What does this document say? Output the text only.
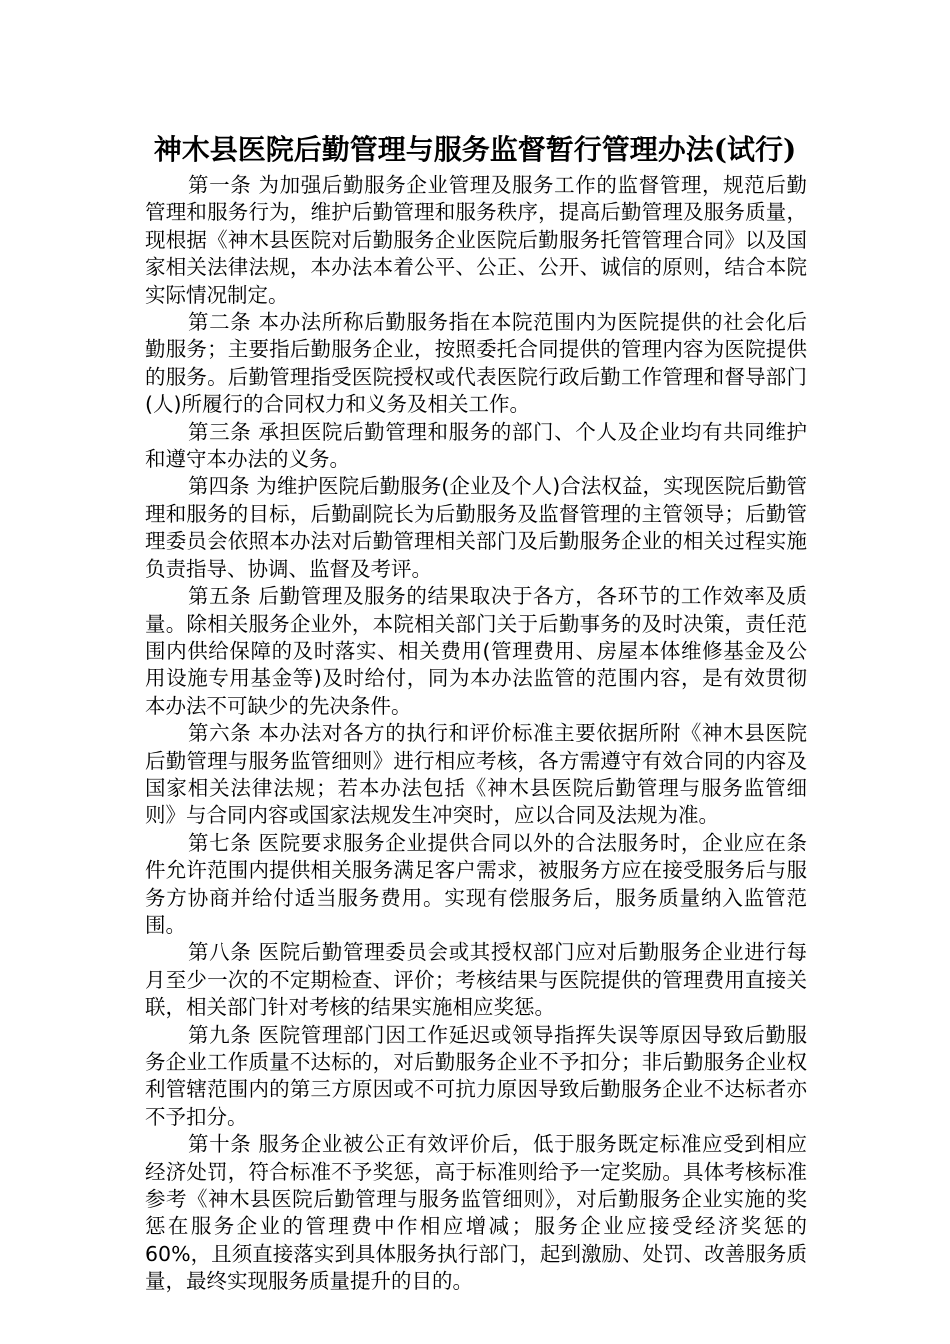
神木县医院后勤管理与服务监督暂行管理办法(试行)

第一条 为加强后勤服务企业管理及服务工作的监督管理，规范后勤管理和服务行为，维护后勤管理和服务秩序，提高后勤管理及服务质量，现根据《神木县医院对后勤服务企业医院后勤服务托管管理合同》以及国家相关法律法规，本办法本着公平、公正、公开、诚信的原则，结合本院实际情况制定。

第二条 本办法所称后勤服务指在本院范围内为医院提供的社会化后勤服务；主要指后勤服务企业，按照委托合同提供的管理内容为医院提供的服务。后勤管理指受医院授权或代表医院行政后勤工作管理和督导部门(人)所履行的合同权力和义务及相关工作。

第三条 承担医院后勤管理和服务的部门、个人及企业均有共同维护和遵守本办法的义务。

第四条 为维护医院后勤服务(企业及个人)合法权益，实现医院后勤管理和服务的目标，后勤副院长为后勤服务及监督管理的主管领导；后勤管理委员会依照本办法对后勤管理相关部门及后勤服务企业的相关过程实施负责指导、协调、监督及考评。

第五条 后勤管理及服务的结果取决于各方，各环节的工作效率及质量。除相关服务企业外，本院相关部门关于后勤事务的及时决策，责任范围内供给保障的及时落实、相关费用(管理费用、房屋本体维修基金及公用设施专用基金等)及时给付，同为本办法监管的范围内容，是有效贯彻本办法不可缺少的先决条件。

第六条 本办法对各方的执行和评价标准主要依据所附《神木县医院后勤管理与服务监管细则》进行相应考核，各方需遵守有效合同的内容及国家相关法律法规；若本办法包括《神木县医院后勤管理与服务监管细则》与合同内容或国家法规发生冲突时，应以合同及法规为准。

第七条 医院要求服务企业提供合同以外的合法服务时，企业应在条件允许范围内提供相关服务满足客户需求，被服务方应在接受服务后与服务方协商并给付适当服务费用。实现有偿服务后，服务质量纳入监管范围。

第八条 医院后勤管理委员会或其授权部门应对后勤服务企业进行每月至少一次的不定期检查、评价；考核结果与医院提供的管理费用直接关联，相关部门针对考核的结果实施相应奖惩。

第九条 医院管理部门因工作延迟或领导指挥失误等原因导致后勤服务企业工作质量不达标的，对后勤服务企业不予扣分；非后勤服务企业权利管辖范围内的第三方原因或不可抗力原因导致后勤服务企业不达标者亦不予扣分。

第十条 服务企业被公正有效评价后，低于服务既定标准应受到相应经济处罚，符合标准不予奖惩，高于标准则给予一定奖励。具体考核标准参考《神木县医院后勤管理与服务监管细则》，对后勤服务企业实施的奖惩在服务企业的管理费中作相应增减；服务企业应接受经济奖惩的 60%，且须直接落实到具体服务执行部门，起到激励、处罚、改善服务质量，最终实现服务质量提升的目的。
